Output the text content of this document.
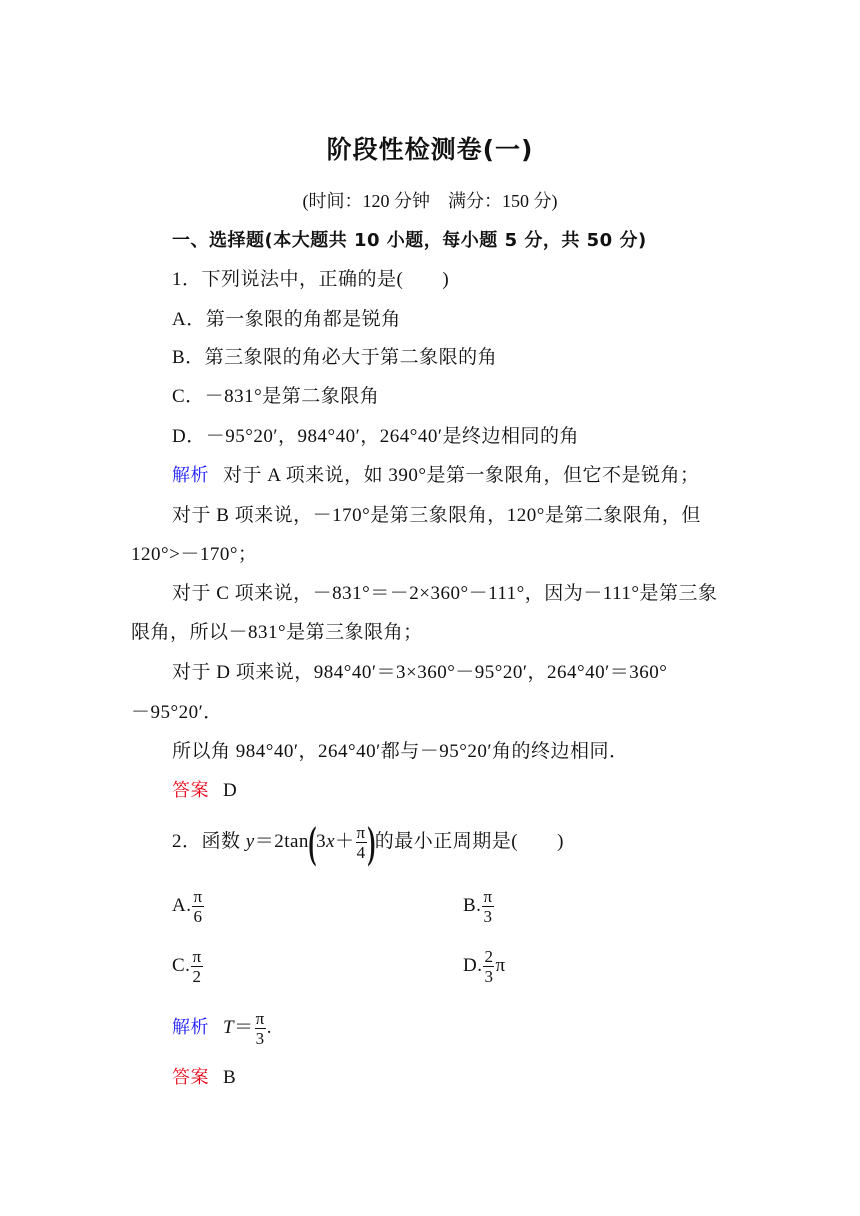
阶段性检测卷(一)
(时间：120 分钟　满分：150 分)
一、选择题(本大题共 10 小题，每小题 5 分，共 50 分)
1．下列说法中，正确的是(　　)
A．第一象限的角都是锐角
B．第三象限的角必大于第二象限的角
C．－831°是第二象限角
D．－95°20′，984°40′，264°40′是终边相同的角
解析 对于 A 项来说，如 390°是第一象限角，但它不是锐角；
对于 B 项来说，－170°是第三象限角，120°是第二象限角，但
120°>－170°；
对于 C 项来说，－831°＝－2×360°－111°，因为－111°是第三象
限角，所以－831°是第三象限角；
对于 D 项来说，984°40′＝3×360°－95°20′，264°40′＝360°
－95°20′．
所以角 984°40′，264°40′都与－95°20′角的终边相同．
答案 D
2．函数 $y=2\tan(3x+ \frac{\pi}{4}$ )的最小正周期是(　　)
A. $\frac{\pi}{6}$	B. $\frac{\pi}{3}$
C. $\frac{\pi}{2}$	D. $\frac{2}{3}$ π
解析 $T= \frac{\pi}{3}$ .
答案 B
